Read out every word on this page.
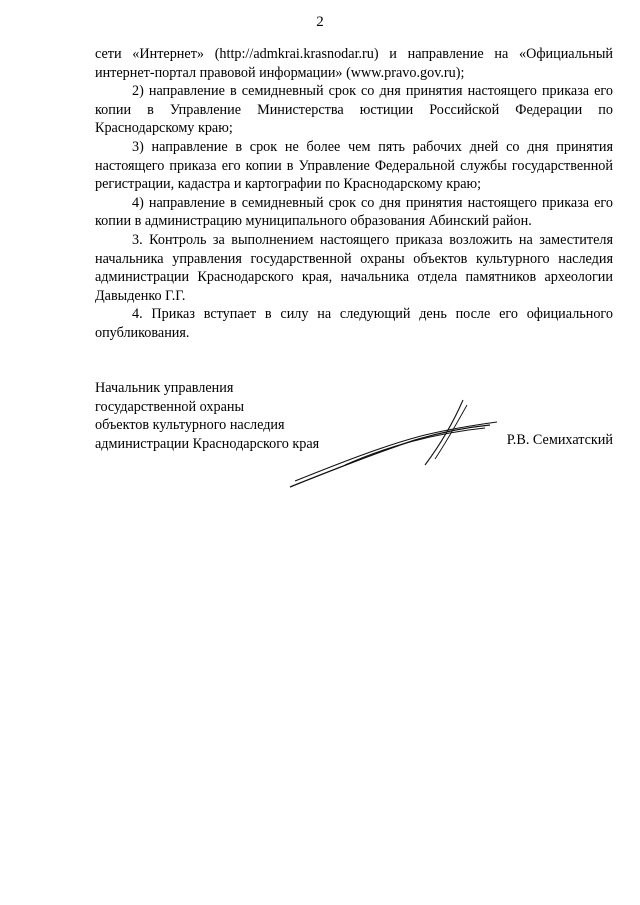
2

сети «Интернет» (http://admkrai.krasnodar.ru) и направление на «Официальный интернет-портал правовой информации» (www.pravo.gov.ru);

2) направление в семидневный срок со дня принятия настоящего приказа его копии в Управление Министерства юстиции Российской Федерации по Краснодарскому краю;

3) направление в срок не более чем пять рабочих дней со дня принятия настоящего приказа его копии в Управление Федеральной службы государственной регистрации, кадастра и картографии по Краснодарскому краю;

4) направление в семидневный срок со дня принятия настоящего приказа его копии в администрацию муниципального образования Абинский район.

3. Контроль за выполнением настоящего приказа возложить на заместителя начальника управления государственной охраны объектов культурного наследия администрации Краснодарского края, начальника отдела памятников археологии Давыденко Г.Г.

4. Приказ вступает в силу на следующий день после его официального опубликования.

Начальник управления
государственной охраны
объектов культурного наследия
администрации Краснодарского края	Р.В. Семихатский
